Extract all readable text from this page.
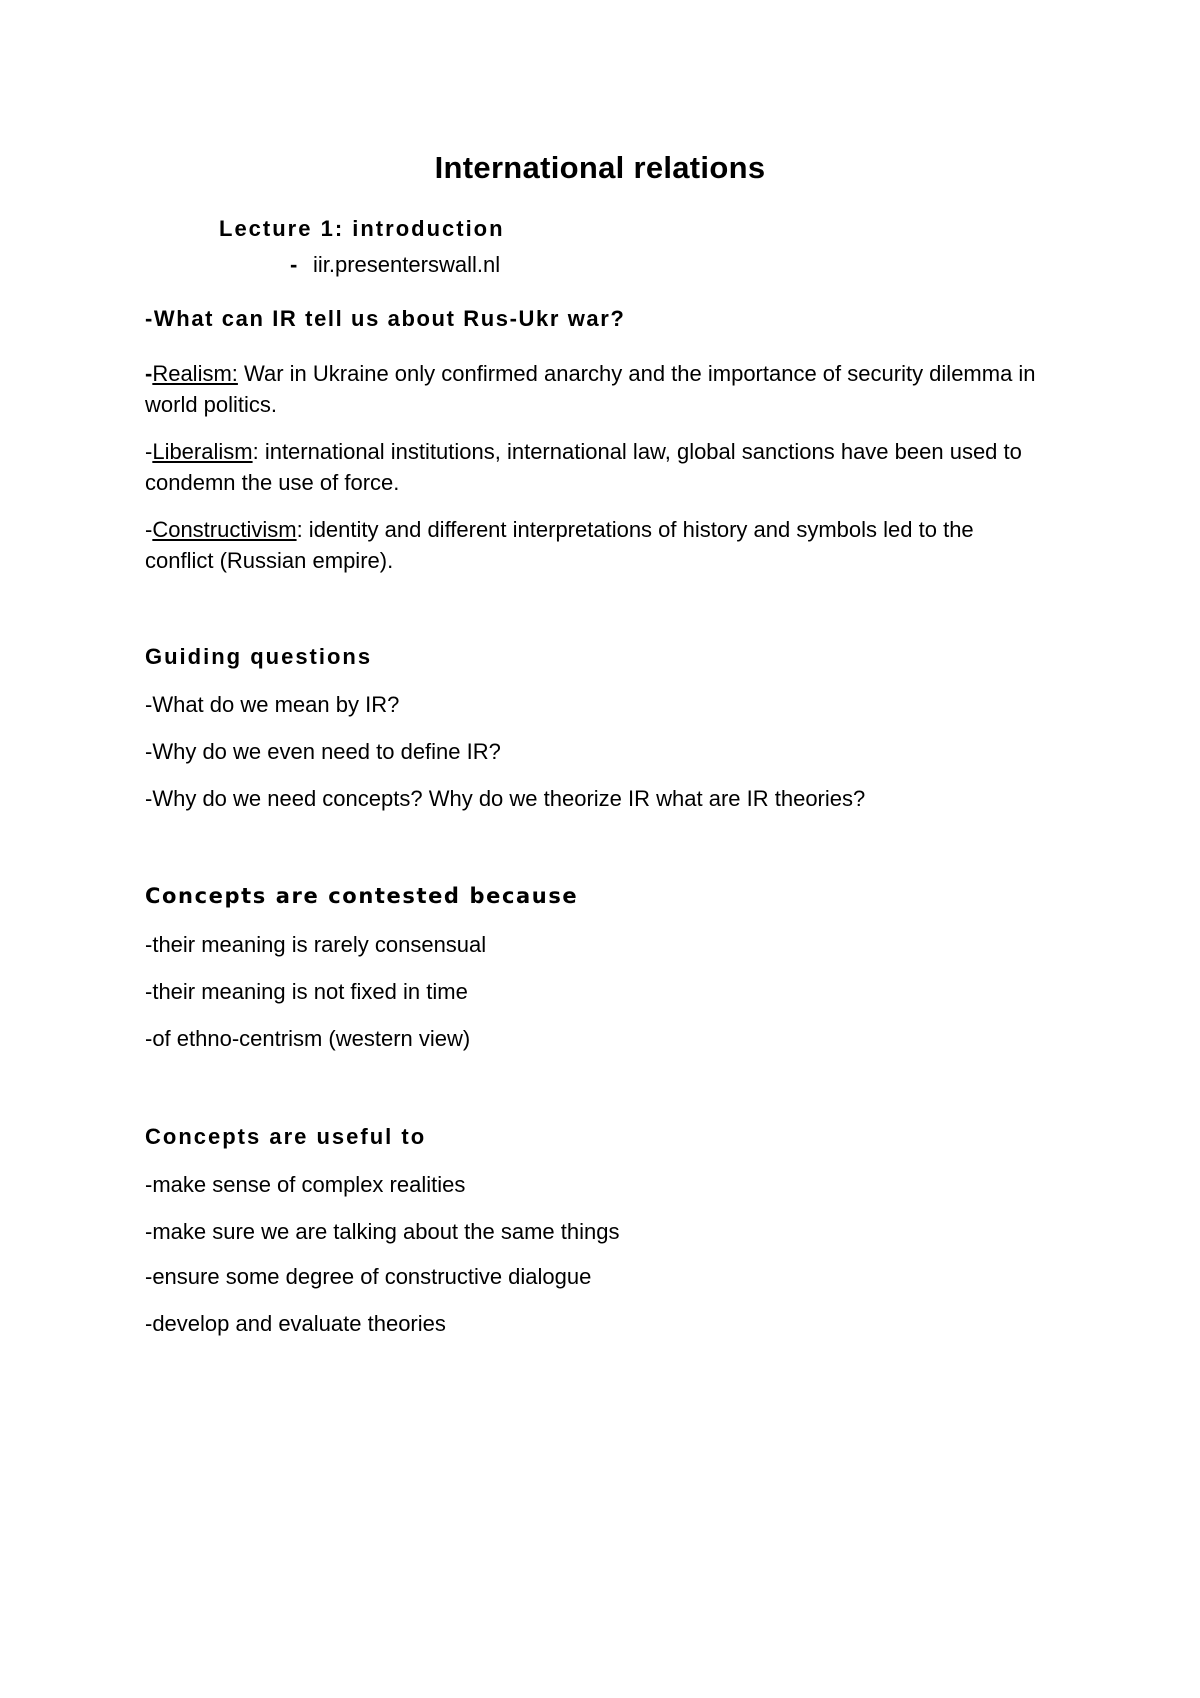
International relations
Lecture 1: introduction
- iir.presenterswall.nl
-What can IR tell us about Rus-Ukr war?
-Realism: War in Ukraine only confirmed anarchy and the importance of security dilemma in world politics.
-Liberalism: international institutions, international law, global sanctions have been used to condemn the use of force.
-Constructivism: identity and different interpretations of history and symbols led to the conflict (Russian empire).
Guiding questions
-What do we mean by IR?
-Why do we even need to define IR?
-Why do we need concepts? Why do we theorize IR what are IR theories?
Concepts are contested because
-their meaning is rarely consensual
-their meaning is not fixed in time
-of ethno-centrism (western view)
Concepts are useful to
-make sense of complex realities
-make sure we are talking about the same things
-ensure some degree of constructive dialogue
-develop and evaluate theories
